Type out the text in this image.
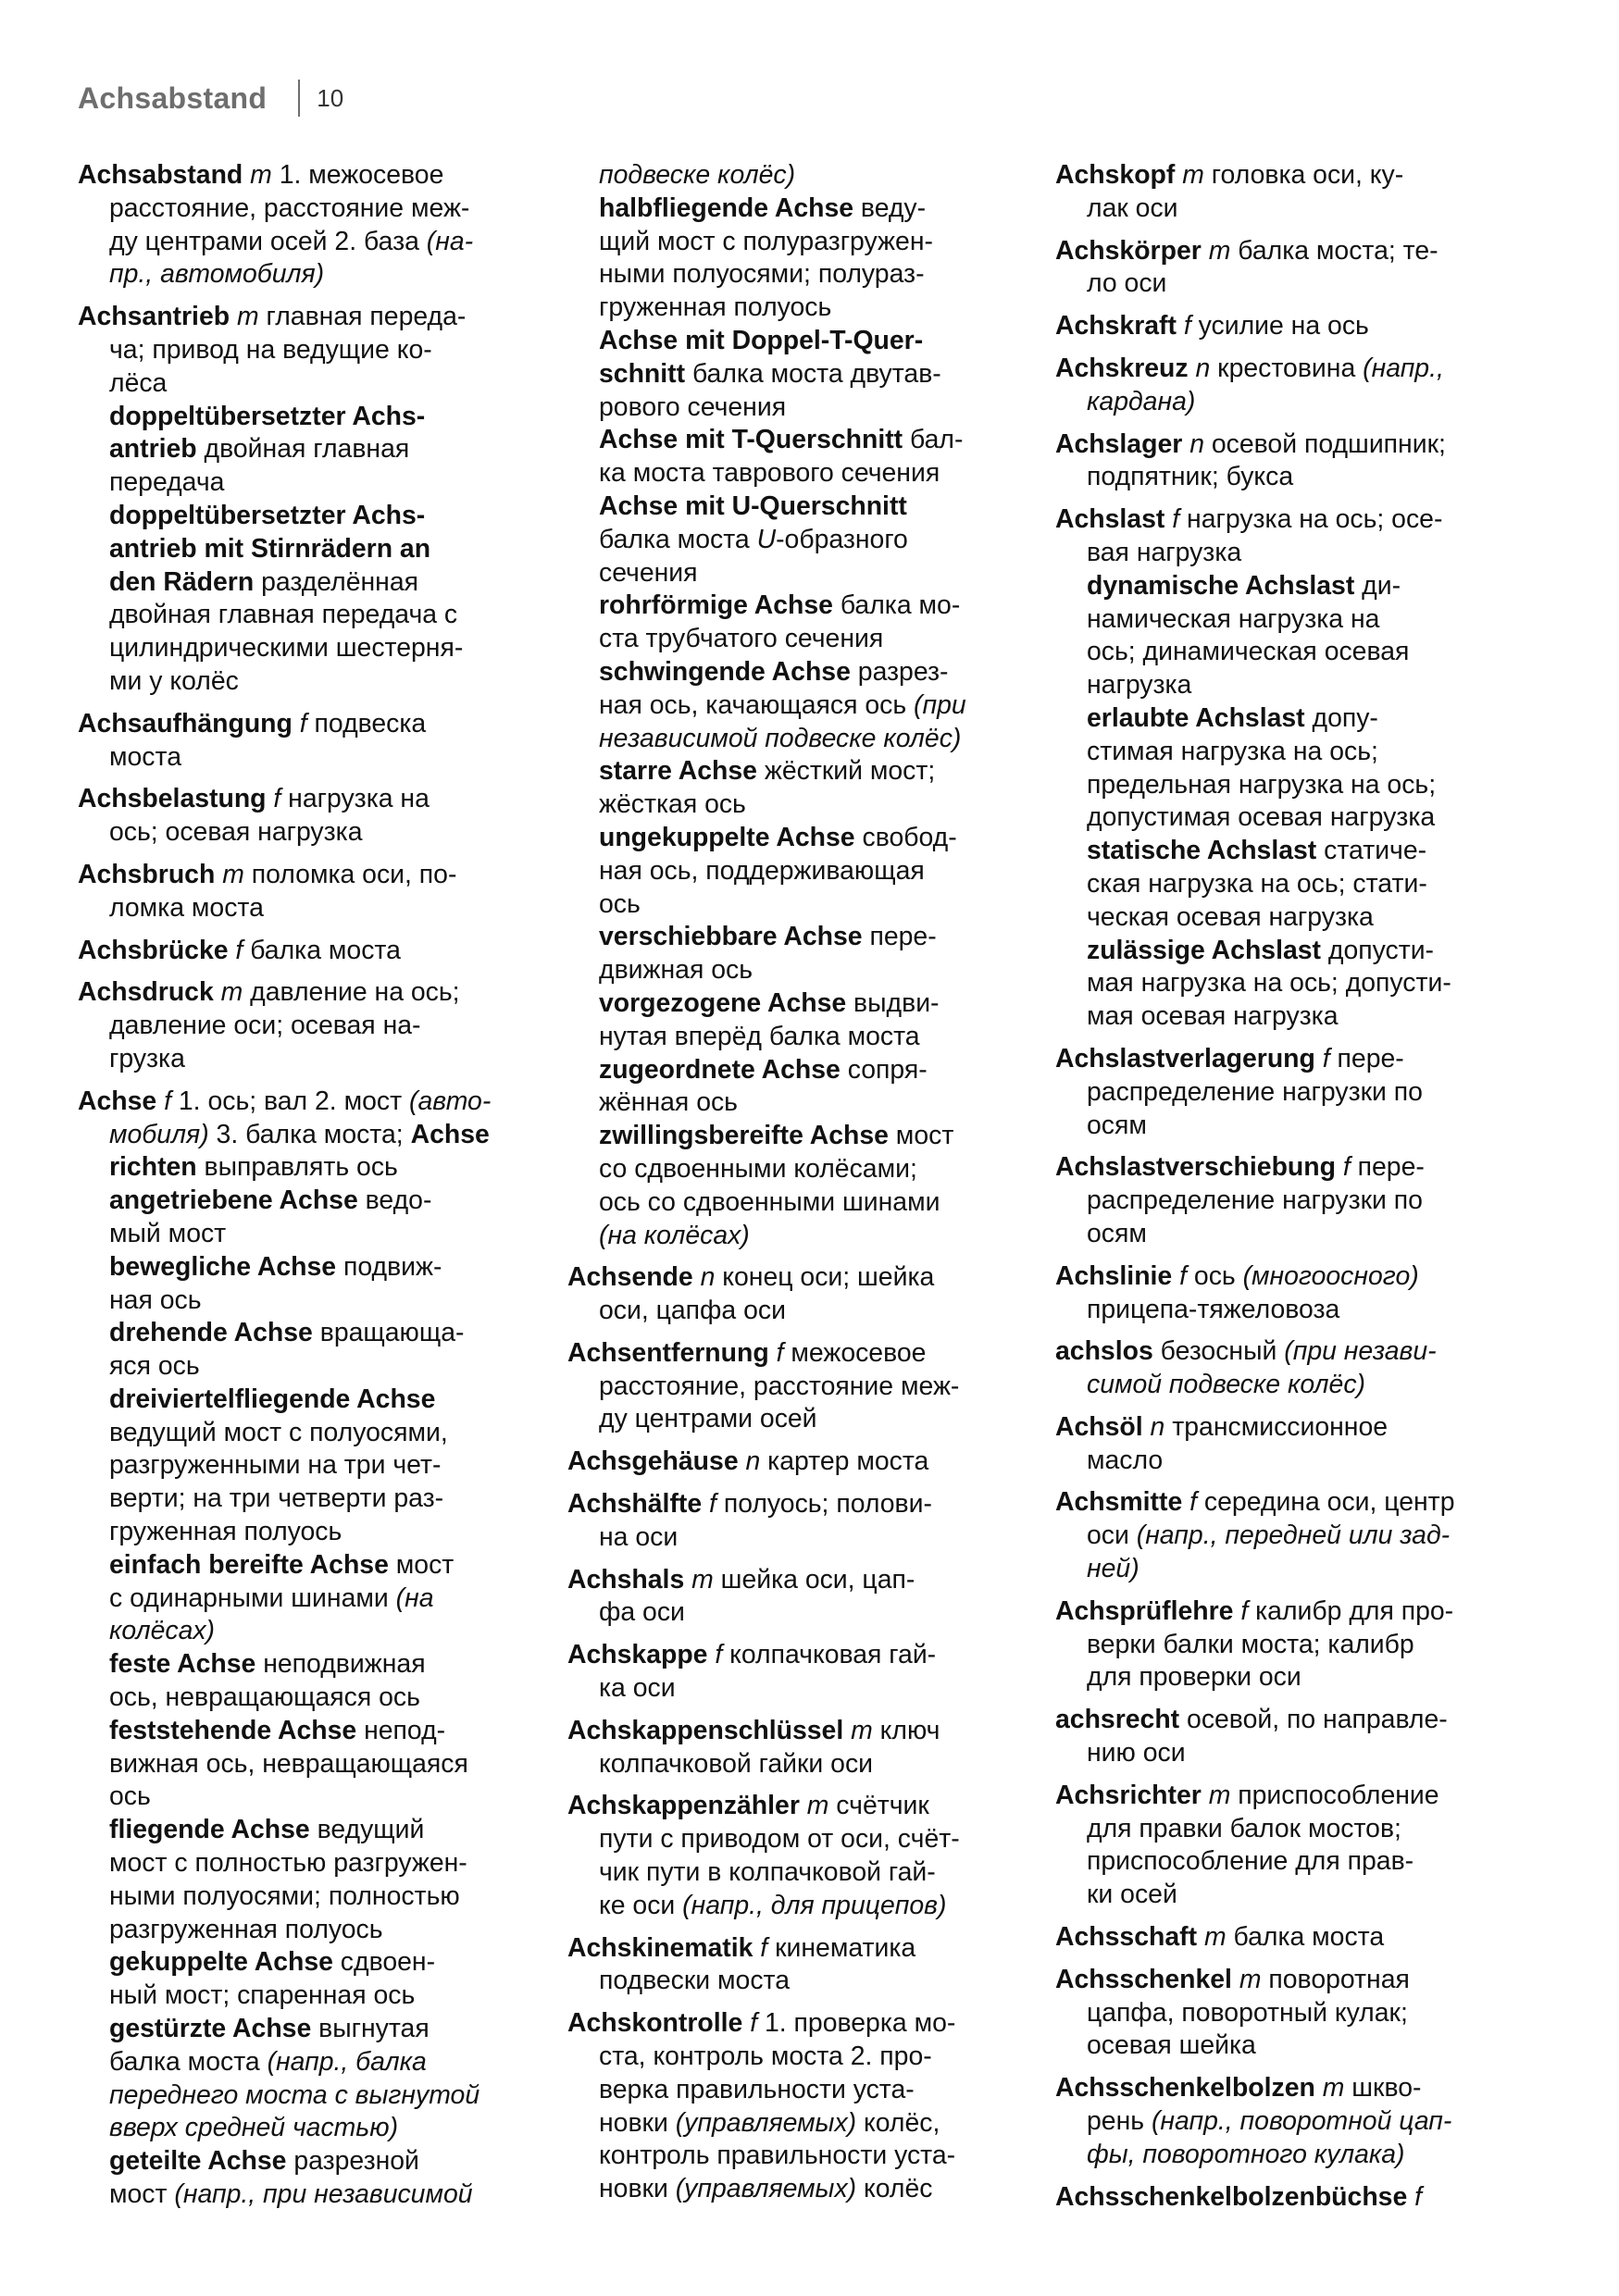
Achsabstand 10
Achsabstand m 1. межосевое
расстояние, расстояние меж-
ду центрами осей 2. база (на-
пр., автомобиля)
Achsantrieb m главная переда-
ча; привод на ведущие ко-
лёса
doppeltübersetzter Achs-
antrieb двойная главная
передача
doppeltübersetzter Achs-
antrieb mit Stirnrädern an
den Rädern разделённая
двойная главная передача с
цилиндрическими шестерня-
ми у колёс
Achsaufhängung f подвеска
моста
Achsbelastung f нагрузка на
ось; осевая нагрузка
Achsbruch m поломка оси, по-
ломка моста
Achsbrücke f балка моста
Achsdruck m давление на ось;
давление оси; осевая на-
грузка
Achse f 1. ось; вал 2. мост (авто-
мобиля) 3. балка моста; Achse
richten выправлять ось
angetriebene Achse ведо-
мый мост
bewegliche Achse подвиж-
ная ось
drehende Achse вращающа-
яся ось
dreiviertelfliegende Achse
ведущий мост с полуосями,
разгруженными на три чет-
верти; на три четверти раз-
груженная полуось
einfach bereifte Achse мост
с одинарными шинами (на
колёсах)
feste Achse неподвижная
ось, невращающаяся ось
feststehende Achse непод-
вижная ось, невращающаяся
ось
fliegende Achse ведущий
мост с полностью разгружен-
ными полуосями; полностью
разгруженная полуось
gekuppelte Achse сдвоен-
ный мост; спаренная ось
gestürzte Achse выгнутая
балка моста (напр., балка
переднего моста с выгнутой
вверх средней частью)
geteilte Achse разрезной
мост (напр., при независимой
подвеске колёс)
halbfliegende Achse веду-
щий мост с полуразгружен-
ными полуосями; полураз-
груженная полуось
Achse mit Doppel-T-Quer-
schnitt балка моста двутав-
рового сечения
Achse mit T-Querschnitt бал-
ка моста таврового сечения
Achse mit U-Querschnitt
балка моста U-образного
сечения
rohrförmige Achse балка мо-
ста трубчатого сечения
schwingende Achse разрез-
ная ось, качающаяся ось (при
независимой подвеске колёс)
starre Achse жёсткий мост;
жёсткая ось
ungekuppelte Achse свобод-
ная ось, поддерживающая
ось
verschiebbare Achse пере-
движная ось
vorgezogene Achse выдви-
нутая вперёд балка моста
zugeordnete Achse сопря-
жённая ось
zwillingsbereifte Achse мост
со сдвоенными колёсами;
ось со сдвоенными шинами
(на колёсах)
Achsende n конец оси; шейка
оси, цапфа оси
Achsentfernung f межосевое
расстояние, расстояние меж-
ду центрами осей
Achsgehäuse n картер моста
Achshälfte f полуось; полови-
на оси
Achshals m шейка оси, цап-
фа оси
Achskappe f колпачковая гай-
ка оси
Achskappenschlüssel m ключ
колпачковой гайки оси
Achskappenzähler m счётчик
пути с приводом от оси, счёт-
чик пути в колпачковой гай-
ке оси (напр., для прицепов)
Achskinematik f кинематика
подвески моста
Achskontrolle f 1. проверка мо-
ста, контроль моста 2. про-
верка правильности уста-
новки (управляемых) колёс,
контроль правильности уста-
новки (управляемых) колёс
Achskopf m головка оси, ку-
лак оси
Achskörper m балка моста; те-
ло оси
Achskraft f усилие на ось
Achskreuz n крестовина (напр.,
кардана)
Achslager n осевой подшипник;
подпятник; букса
Achslast f нагрузка на ось; осе-
вая нагрузка
dynamische Achslast ди-
намическая нагрузка на
ось; динамическая осевая
нагрузка
erlaubte Achslast допу-
стимая нагрузка на ось;
предельная нагрузка на ось;
допустимая осевая нагрузка
statische Achslast статиче-
ская нагрузка на ось; стати-
ческая осевая нагрузка
zulässige Achslast допусти-
мая нагрузка на ось; допусти-
мая осевая нагрузка
Achslastverlagerung f пере-
распределение нагрузки по
осям
Achslastverschiebung f пере-
распределение нагрузки по
осям
Achslinie f ось (многоосного)
прицепа-тяжеловоза
achslos безосный (при незави-
симой подвеске колёс)
Achsöl n трансмиссионное
масло
Achsmitte f середина оси, центр
оси (напр., передней или зад-
ней)
Achsprüflehre f калибр для про-
верки балки моста; калибр
для проверки оси
achsrecht осевой, по направле-
нию оси
Achsrichter m приспособление
для правки балок мостов;
приспособление для прав-
ки осей
Achsschaft m балка моста
Achsschenkel m поворотная
цапфа, поворотный кулак;
осевая шейка
Achsschenkelbolzen m шкво-
рень (напр., поворотной цап-
фы, поворотного кулака)
Achsschenkelbolzenbüchse f
